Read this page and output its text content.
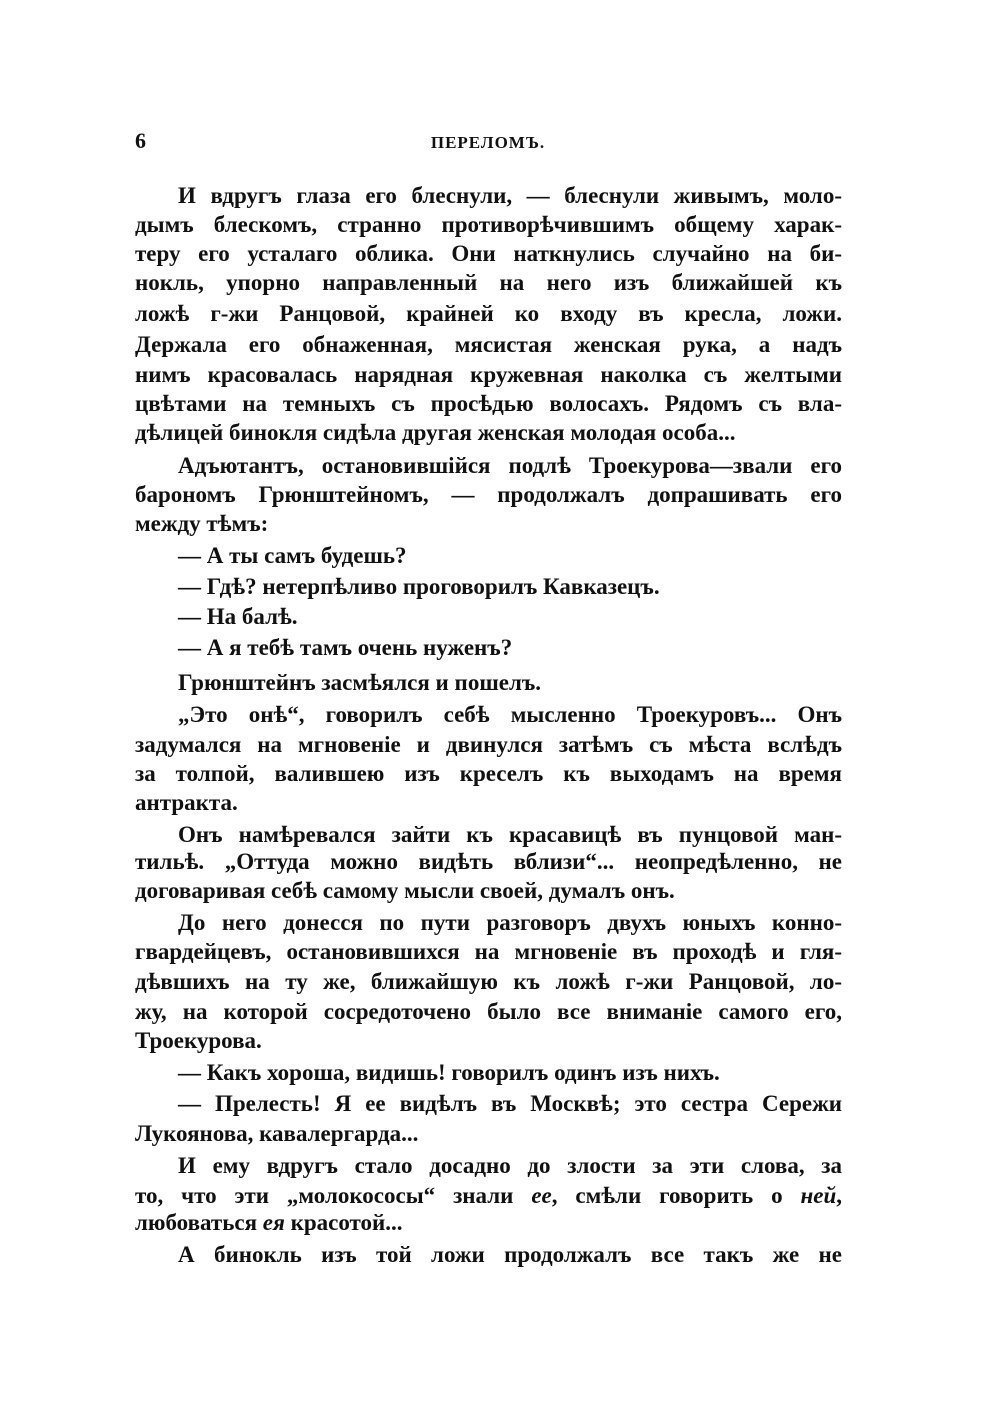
6	ПЕРЕЛОМЪ.
И вдругъ глаза его блеснули, — блеснули живымъ, моло-
дымъ блескомъ, странно противорѣчившимъ общему харак-
теру его усталаго облика. Они наткнулись случайно на би-
нокль, упорно направленный на него изъ ближайшей къ
ложѣ г-жи Ранцовой, крайней ко входу въ кресла, ложи.
Держала его обнаженная, мясистая женская рука, а надъ
нимъ красовалась нарядная кружевная наколка съ желтыми
цвѣтами на темныхъ съ просѣдью волосахъ. Рядомъ съ вла-
дѣлицей бинокля сидѣла другая женская молодая особа...
Адъютантъ, остановившійся подлѣ Троекурова—звали его
барономъ Грюнштейномъ, — продолжалъ допрашивать его
между тѣмъ:
— А ты самъ будешь?
— Гдѣ? нетерпѣливо проговорилъ Кавказецъ.
— На балѣ.
— А я тебѣ тамъ очень нуженъ?
Грюнштейнъ засмѣялся и пошелъ.
„Это онѣ“, говорилъ себѣ мысленно Троекуровъ... Онъ
задумался на мгновеніе и двинулся затѣмъ съ мѣста вслѣдъ
за толпой, валившею изъ креселъ къ выходамъ на время
антракта.
Онъ намѣревался зайти къ красавицѣ въ пунцовой ман-
тильѣ. „Оттуда можно видѣть вблизи“... неопредѣленно, не
договаривая себѣ самому мысли своей, думалъ онъ.
До него донесся по пути разговоръ двухъ юныхъ конно-
гвардейцевъ, остановившихся на мгновеніе въ проходѣ и гля-
дѣвшихъ на ту же, ближайшую къ ложѣ г-жи Ранцовой, ло-
жу, на которой сосредоточено было все вниманіе самого его,
Троекурова.
— Какъ хороша, видишь! говорилъ одинъ изъ нихъ.
— Прелесть! Я ее видѣлъ въ Москвѣ; это сестра Сережи
Лукоянова, кавалергарда...
И ему вдругъ стало досадно до злости за эти слова, за
то, что эти „молокососы“ знали ее, смѣли говорить о ней,
любоваться ея красотой...
А бинокль изъ той ложи продолжалъ все такъ же не
